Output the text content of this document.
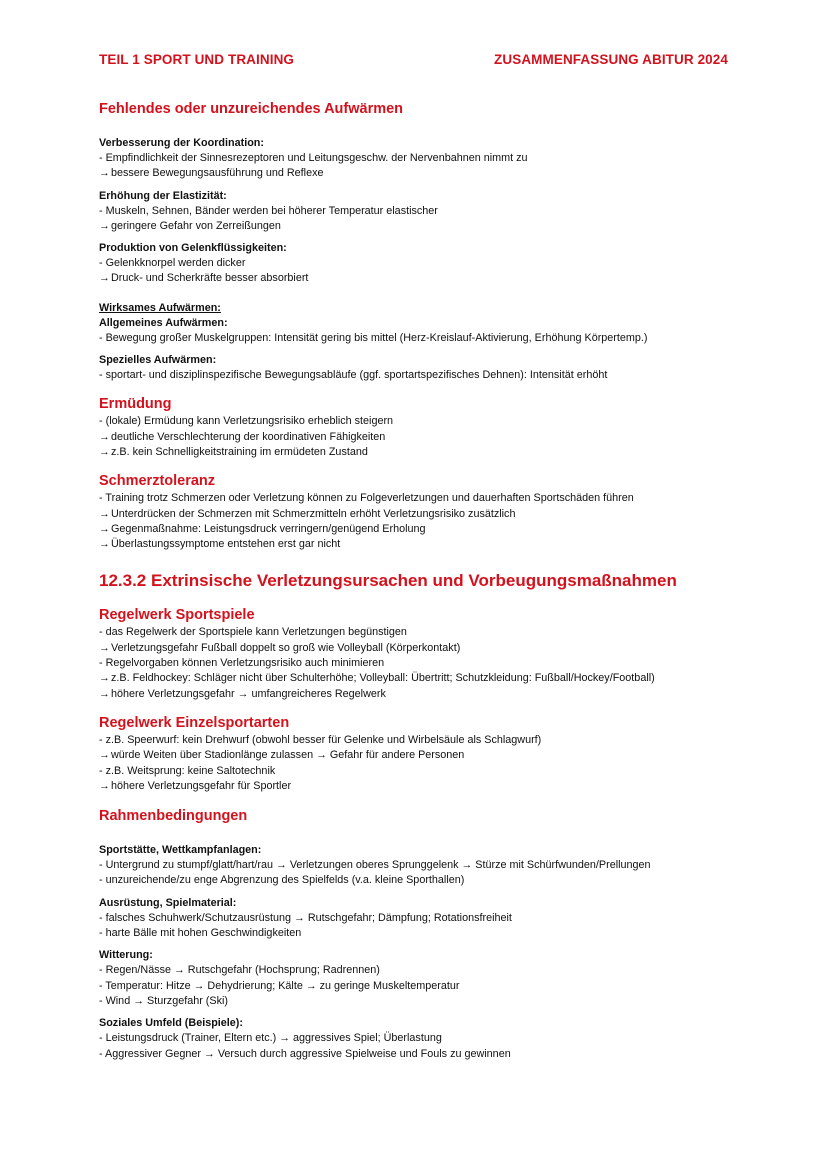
TEIL 1 SPORT UND TRAINING	ZUSAMMENFASSUNG ABITUR 2024
Fehlendes oder unzureichendes Aufwärmen
Verbesserung der Koordination:
- Empfindlichkeit der Sinnesrezeptoren und Leitungsgeschw. der Nervenbahnen nimmt zu
→bessere Bewegungsausführung und Reflexe
Erhöhung der Elastizität:
- Muskeln, Sehnen, Bänder werden bei höherer Temperatur elastischer
→geringere Gefahr von Zerreißungen
Produktion von Gelenkflüssigkeiten:
- Gelenkknorpel werden dicker
→Druck- und Scherkräfte besser absorbiert
Wirksames Aufwärmen:
Allgemeines Aufwärmen:
- Bewegung großer Muskelgruppen: Intensität gering bis mittel (Herz-Kreislauf-Aktivierung, Erhöhung Körpertemp.)
Spezielles Aufwärmen:
- sportart- und disziplinspezifische Bewegungsabläufe (ggf. sportartspezifisches Dehnen): Intensität erhöht
Ermüdung
- (lokale) Ermüdung kann Verletzungsrisiko erheblich steigern
→deutliche Verschlechterung der koordinativen Fähigkeiten
→z.B. kein Schnelligkeitstraining im ermüdeten Zustand
Schmerztoleranz
- Training trotz Schmerzen oder Verletzung können zu Folgeverletzungen und dauerhaften Sportschäden führen
→Unterdrücken der Schmerzen mit Schmerzmitteln erhöht Verletzungsrisiko zusätzlich
→Gegenmaßnahme: Leistungsdruck verringern/genügend Erholung
→Überlastungssymptome entstehen erst gar nicht
12.3.2 Extrinsische Verletzungsursachen und Vorbeugungsmaßnahmen
Regelwerk Sportspiele
- das Regelwerk der Sportspiele kann Verletzungen begünstigen
→Verletzungsgefahr Fußball doppelt so groß wie Volleyball (Körperkontakt)
- Regelvorgaben können Verletzungsrisiko auch minimieren
→z.B. Feldhockey: Schläger nicht über Schulterhöhe; Volleyball: Übertritt; Schutzkleidung: Fußball/Hockey/Football)
→höhere Verletzungsgefahr → umfangreicheres Regelwerk
Regelwerk Einzelsportarten
- z.B. Speerwurf: kein Drehwurf (obwohl besser für Gelenke und Wirbelsäule als Schlagwurf)
→würde Weiten über Stadionlänge zulassen → Gefahr für andere Personen
- z.B. Weitsprung: keine Saltotechnik
→höhere Verletzungsgefahr für Sportler
Rahmenbedingungen
Sportstätte, Wettkampfanlagen:
- Untergrund zu stumpf/glatt/hart/rau → Verletzungen oberes Sprunggelenk → Stürze mit Schürfwunden/Prellungen
- unzureichende/zu enge Abgrenzung des Spielfelds (v.a. kleine Sporthallen)
Ausrüstung, Spielmaterial:
- falsches Schuhwerk/Schutzausrüstung → Rutschgefahr; Dämpfung; Rotationsfreiheit
- harte Bälle mit hohen Geschwindigkeiten
Witterung:
- Regen/Nässe → Rutschgefahr (Hochsprung; Radrennen)
- Temperatur: Hitze → Dehydrierung; Kälte → zu geringe Muskeltemperatur
- Wind → Sturzgefahr (Ski)
Soziales Umfeld (Beispiele):
- Leistungsdruck (Trainer, Eltern etc.) → aggressives Spiel; Überlastung
- Aggressiver Gegner → Versuch durch aggressive Spielweise und Fouls zu gewinnen
